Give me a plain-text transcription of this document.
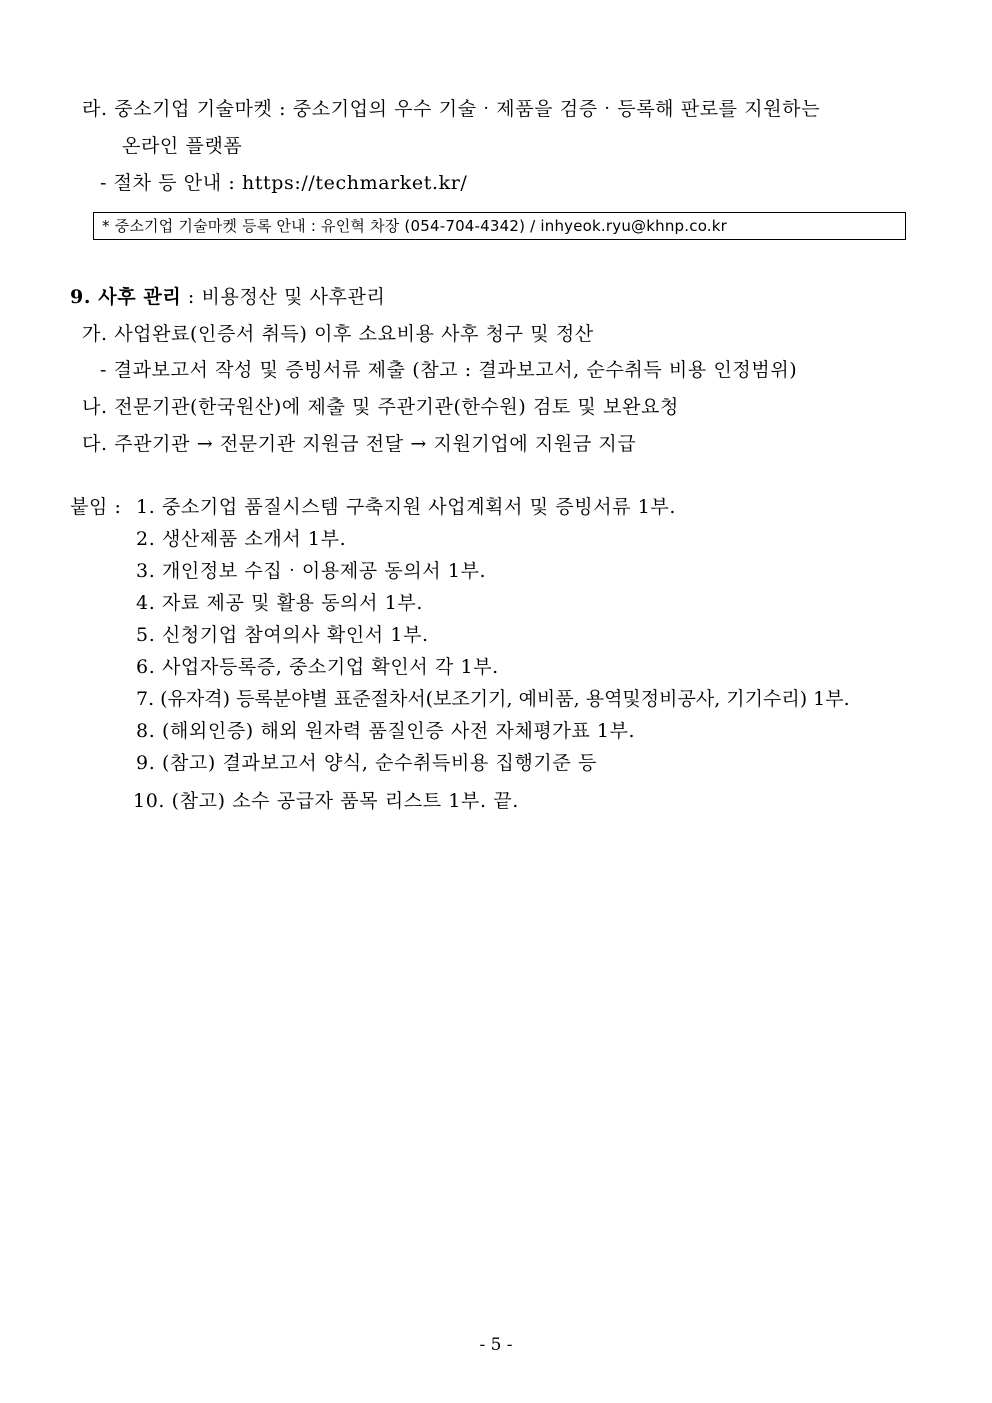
라. 중소기업 기술마켓 : 중소기업의 우수 기술‧제품을 검증‧등록해 판로를 지원하는
온라인 플랫폼
- 절차 등 안내 : https://techmarket.kr/
* 중소기업 기술마켓 등록 안내 : 유인혁 차장 (054-704-4342) / inhyeok.ryu@khnp.co.kr
9. 사후 관리 : 비용정산 및 사후관리
가. 사업완료(인증서 취득) 이후 소요비용 사후 청구 및 정산
- 결과보고서 작성 및 증빙서류 제출 (참고 : 결과보고서, 순수취득 비용 인정범위)
나. 전문기관(한국원산)에 제출 및 주관기관(한수원) 검토 및 보완요청
다. 주관기관 → 전문기관 지원금 전달 → 지원기업에 지원금 지급
붙임 : 1. 중소기업 품질시스템 구축지원 사업계획서 및 증빙서류 1부.
2. 생산제품 소개서 1부.
3. 개인정보 수집‧이용제공 동의서 1부.
4. 자료 제공 및 활용 동의서 1부.
5. 신청기업 참여의사 확인서 1부.
6. 사업자등록증, 중소기업 확인서 각 1부.
7. (유자격) 등록분야별 표준절차서(보조기기, 예비품, 용역및정비공사, 기기수리) 1부.
8. (해외인증) 해외 원자력 품질인증 사전 자체평가표 1부.
9. (참고) 결과보고서 양식, 순수취득비용 집행기준 등
10. (참고) 소수 공급자 품목 리스트 1부. 끝.
- 5 -
